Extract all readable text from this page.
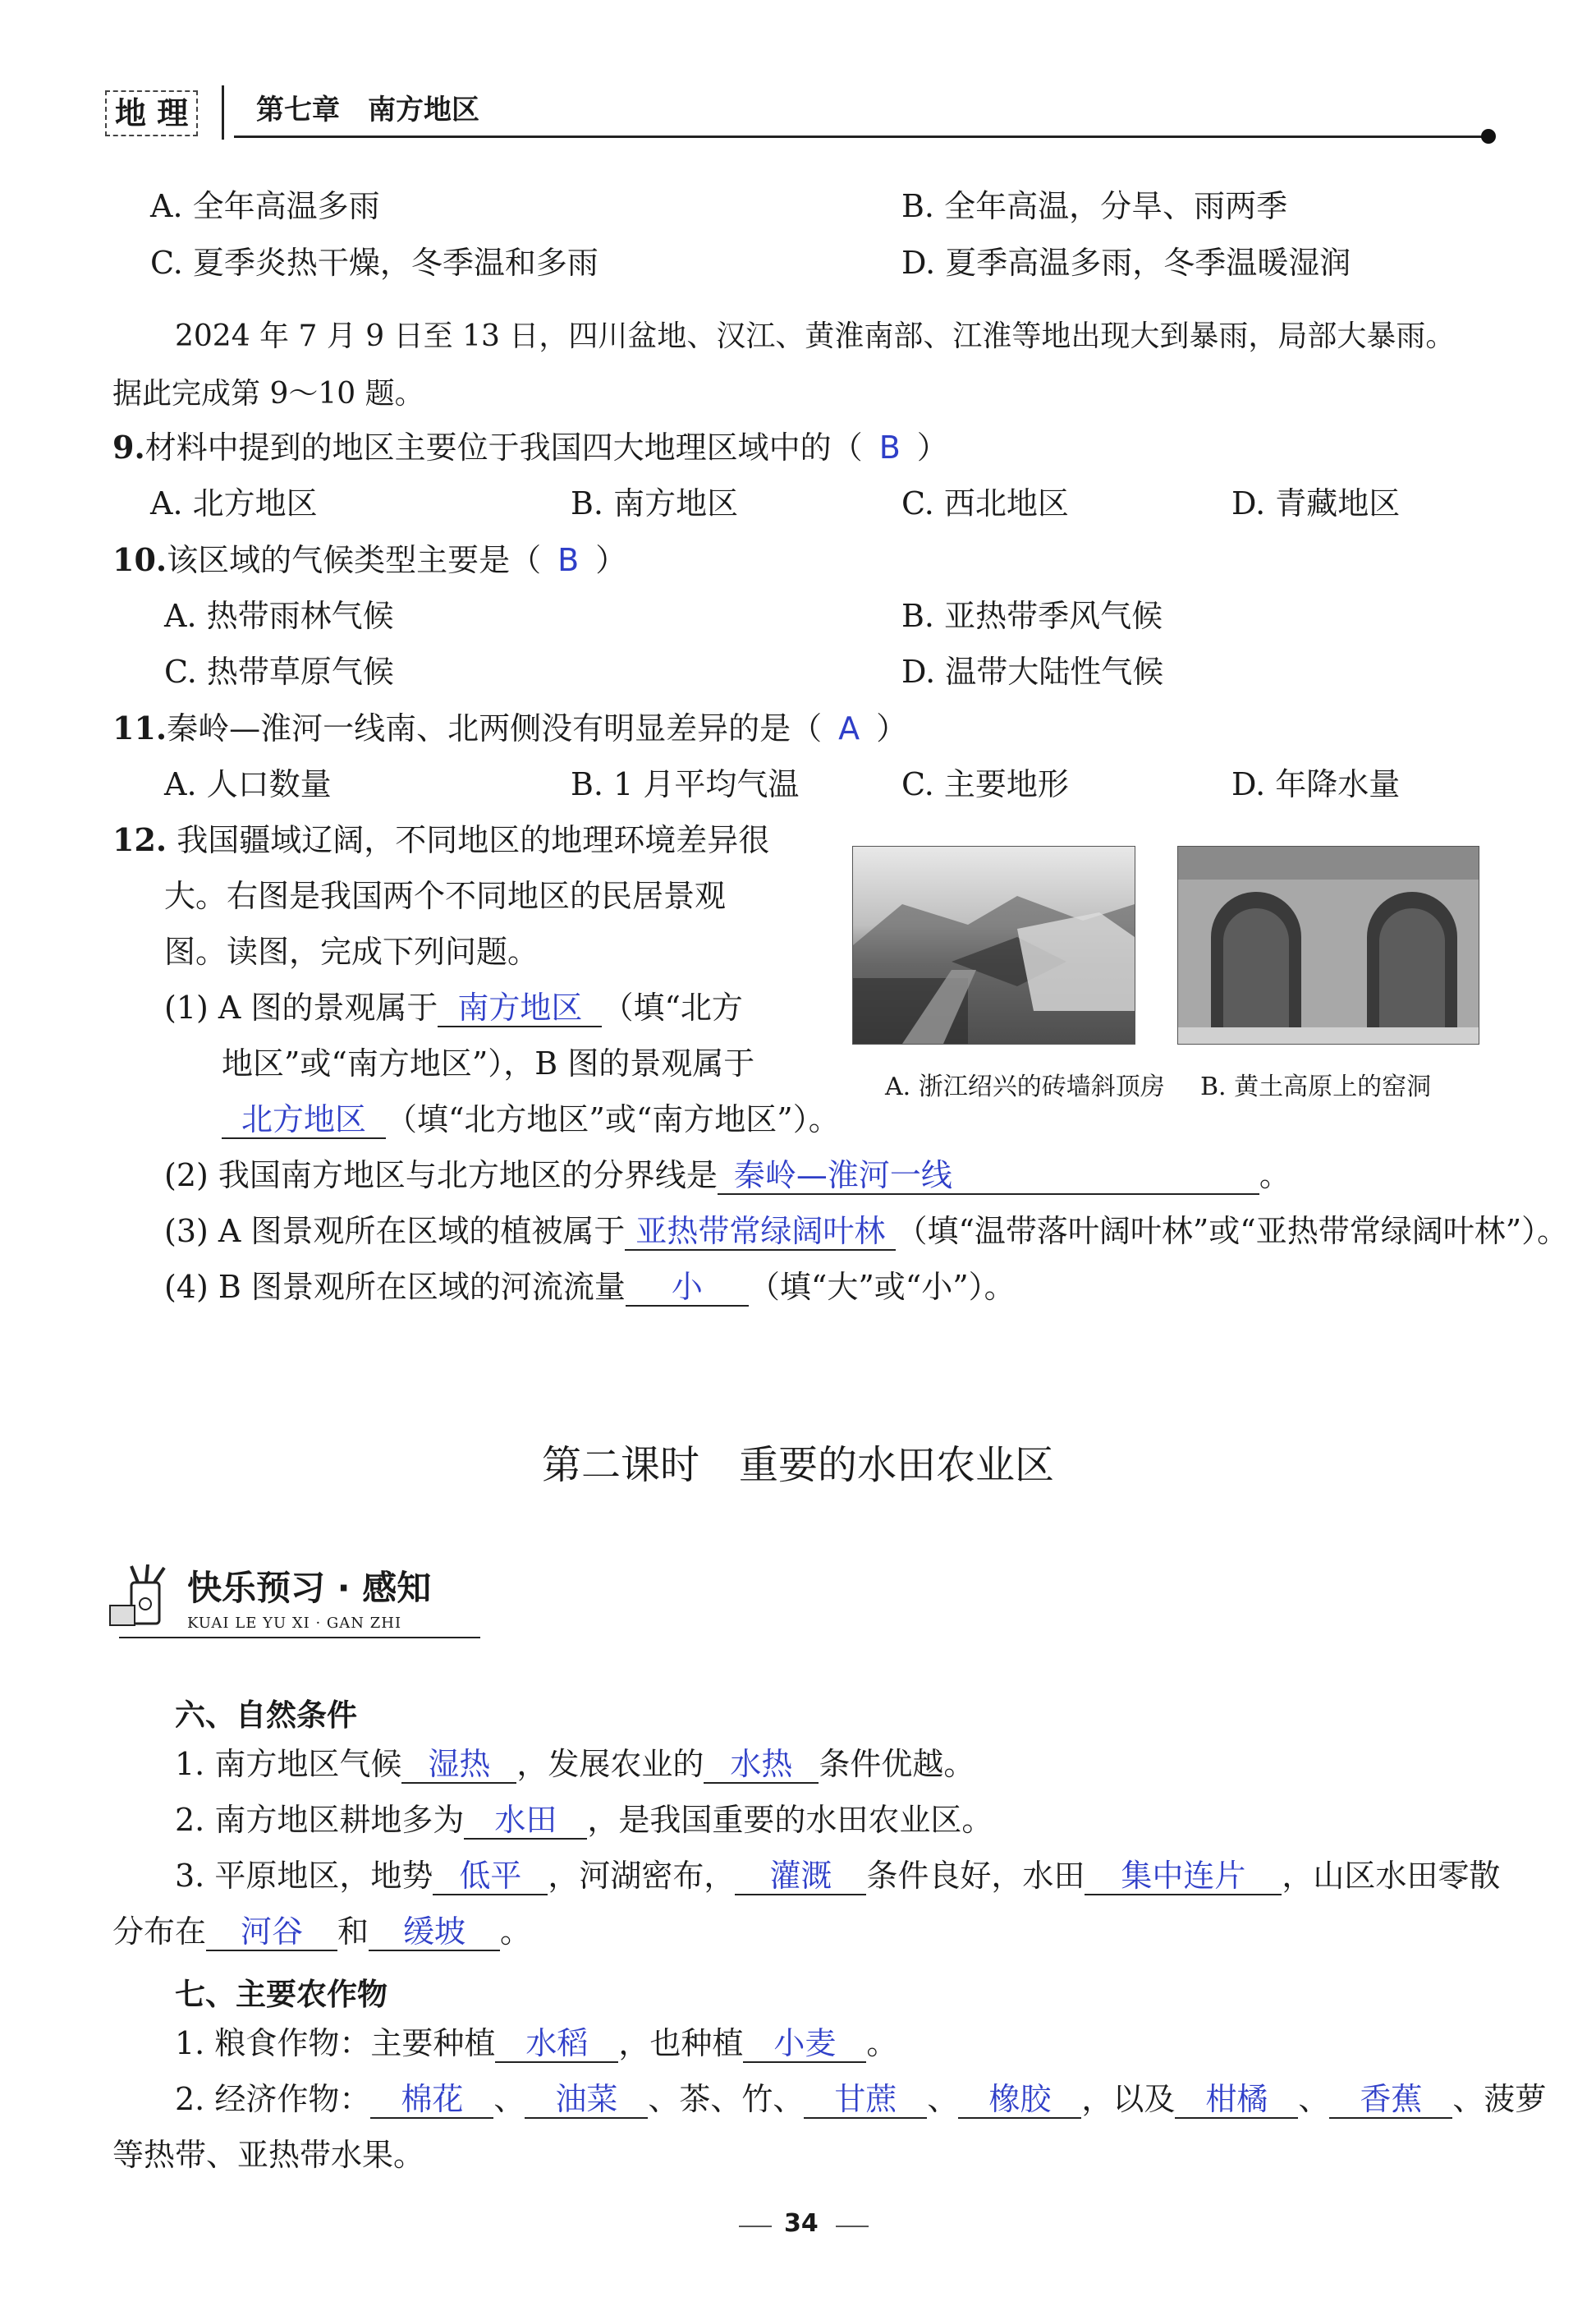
地 理	第七章　南方地区
A. 全年高温多雨	B. 全年高温，分旱、雨两季
C. 夏季炎热干燥，冬季温和多雨	D. 夏季高温多雨，冬季温暖湿润
2024 年 7 月 9 日至 13 日，四川盆地、汉江、黄淮南部、江淮等地出现大到暴雨，局部大暴雨。
据此完成第 9～10 题。
9.材料中提到的地区主要位于我国四大地理区域中的（ B ）
A. 北方地区	B. 南方地区	C. 西北地区	D. 青藏地区
10.该区域的气候类型主要是（ B ）
A. 热带雨林气候	B. 亚热带季风气候
C. 热带草原气候	D. 温带大陆性气候
11.秦岭—淮河一线南、北两侧没有明显差异的是（ A ）
A. 人口数量	B. 1 月平均气温	C. 主要地形	D. 年降水量
12. 我国疆域辽阔，不同地区的地理环境差异很
大。右图是我国两个不同地区的民居景观
图。读图，完成下列问题。
A. 浙江绍兴的砖墙斜顶房 B. 黄土高原上的窑洞
(1) A 图的景观属于 南方地区 （填“北方
地区”或“南方地区”），B 图的景观属于
北方地区 （填“北方地区”或“南方地区”）。
(2) 我国南方地区与北方地区的分界线是 秦岭—淮河一线	。
(3) A 图景观所在区域的植被属于 亚热带常绿阔叶林 （填“温带落叶阔叶林”或“亚热带常绿阔叶林”）。
(4) B 图景观所在区域的河流流量 小 （填“大”或“小”）。
第二课时　重要的水田农业区
快乐预习 · 感知
KUAI LE YU XI · GAN ZHI
六、自然条件
1. 南方地区气候 湿热 ，发展农业的 水热 条件优越。
2. 南方地区耕地多为 水田 ，是我国重要的水田农业区。
3. 平原地区，地势 低平 ，河湖密布， 灌溉 条件良好，水田 集中连片 ，山区水田零散
分布在 河谷 和 缓坡 。
七、主要农作物
1. 粮食作物：主要种植 水稻 ，也种植 小麦 。
2. 经济作物： 棉花 、 油菜 、茶、竹、 甘蔗 、 橡胶 ，以及 柑橘 、 香蕉 、菠萝
等热带、亚热带水果。
34
